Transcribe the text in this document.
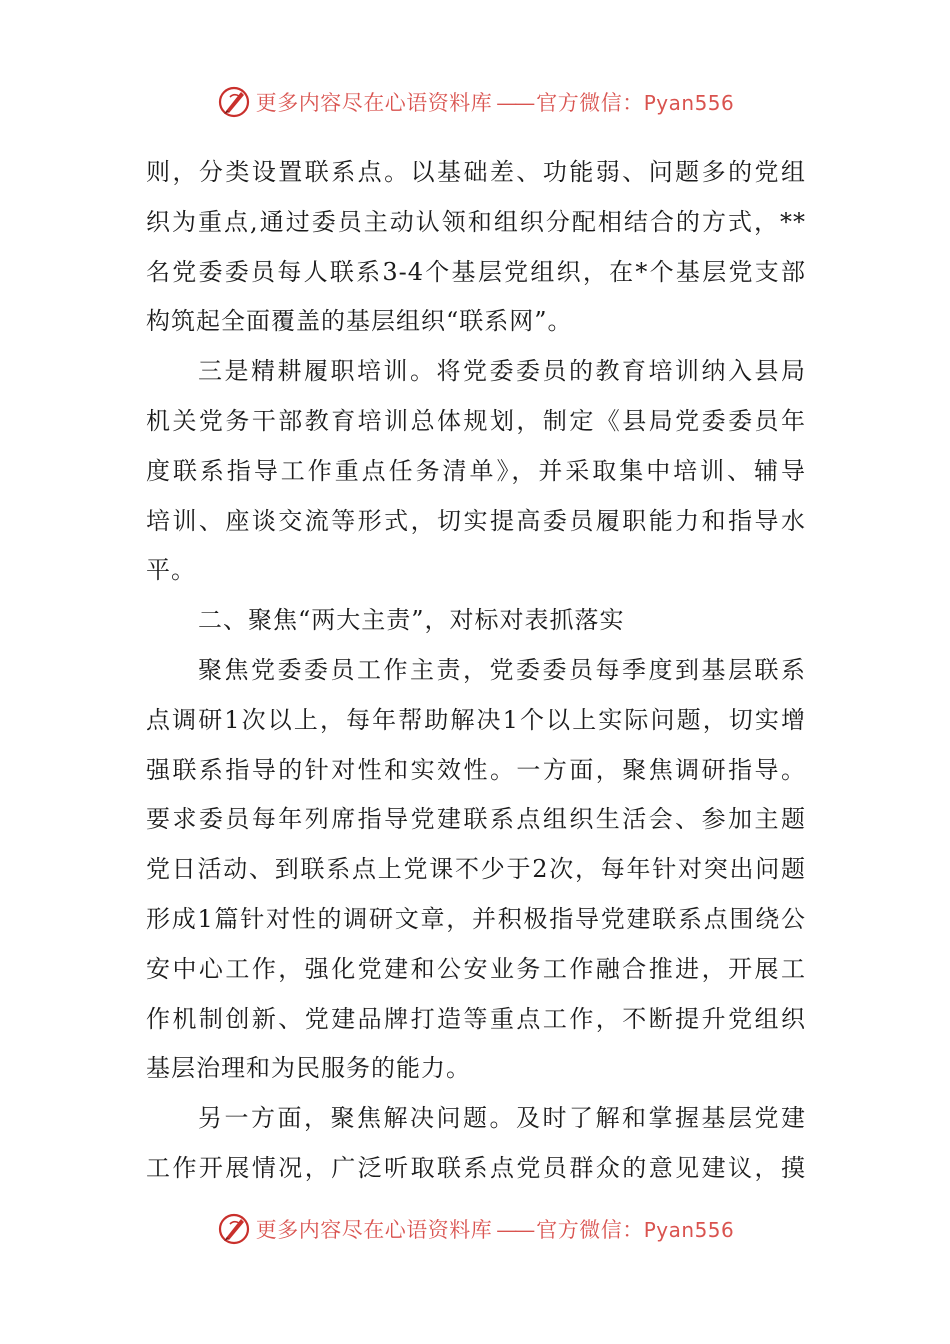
更多内容尽在心语资料库 —— 官方微信：Pyan556
则，分类设置联系点。以基础差、功能弱、问题多的党组
织为重点,通过委员主动认领和组织分配相结合的方式，**
名党委委员每人联系3-4个基层党组织，在*个基层党支部
构筑起全面覆盖的基层组织“联系网”。
三是精耕履职培训。将党委委员的教育培训纳入县局
机关党务干部教育培训总体规划，制定《县局党委委员年
度联系指导工作重点任务清单》，并采取集中培训、辅导
培训、座谈交流等形式，切实提高委员履职能力和指导水
平。
二、聚焦“两大主责”，对标对表抓落实
聚焦党委委员工作主责，党委委员每季度到基层联系
点调研1次以上，每年帮助解决1个以上实际问题，切实增
强联系指导的针对性和实效性。一方面，聚焦调研指导。
要求委员每年列席指导党建联系点组织生活会、参加主题
党日活动、到联系点上党课不少于2次，每年针对突出问题
形成1篇针对性的调研文章，并积极指导党建联系点围绕公
安中心工作，强化党建和公安业务工作融合推进，开展工
作机制创新、党建品牌打造等重点工作，不断提升党组织
基层治理和为民服务的能力。
另一方面，聚焦解决问题。及时了解和掌握基层党建
工作开展情况，广泛听取联系点党员群众的意见建议，摸
更多内容尽在心语资料库 —— 官方微信：Pyan556
